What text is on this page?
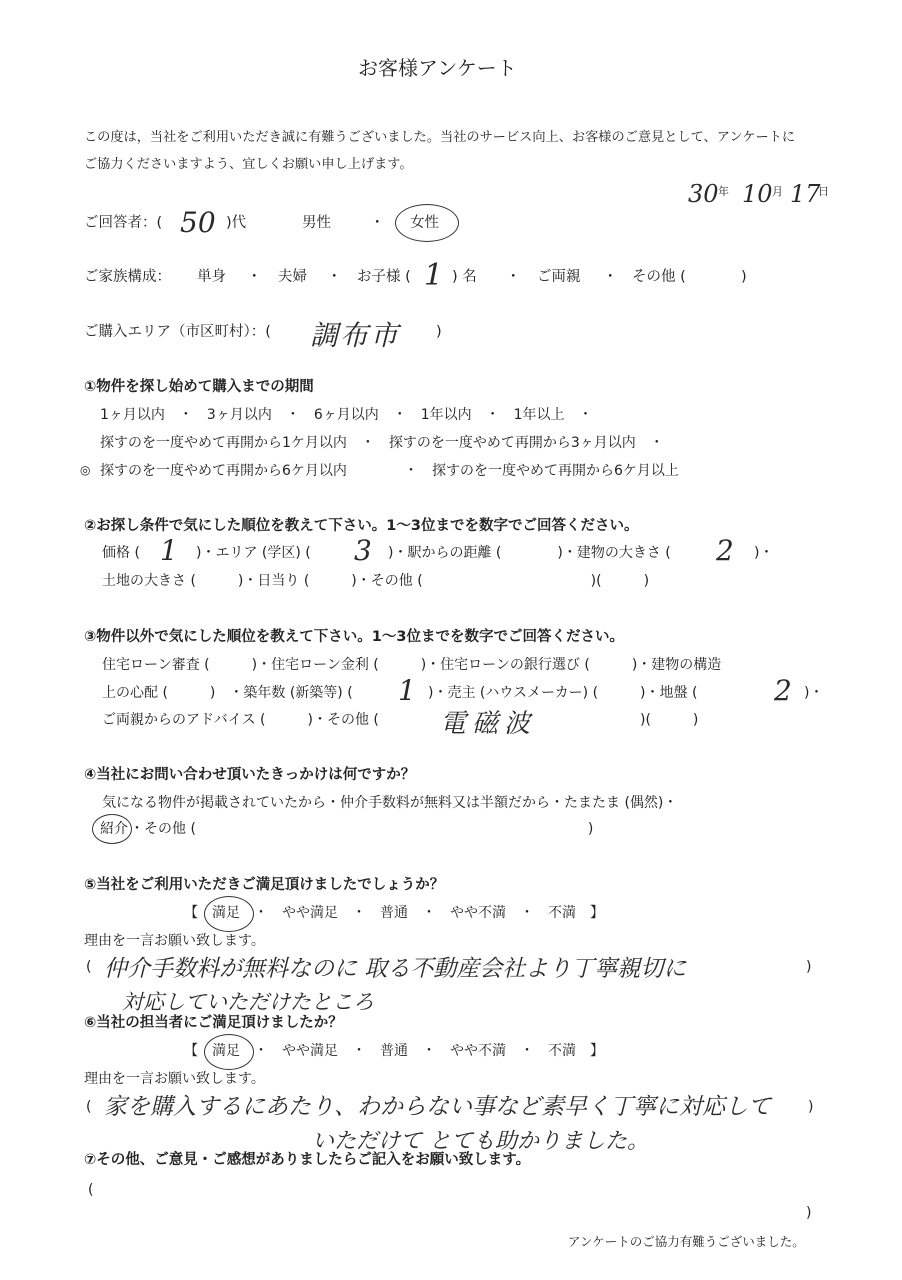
お客様アンケート
この度は，当社をご利用いただき誠に有難うございました。当社のサービス向上、お客様のご意見として、アンケートに
ご協力くださいますよう、宜しくお願い申し上げます。
30 年 10 月 17
日
ご回答者：( 50 )代	男性	・ 女性
ご家族構成： 単身 ・ 夫婦 ・ お子様 ( 1 ) 名 ・ ご両親 ・ その他 (	)
ご購入エリア（市区町村）：( 調布市 )
①物件を探し始めて購入までの期間
1ヶ月以内　・　3ヶ月以内　・　6ヶ月以内　・　1年以内　・　1年以上　・
探すのを一度やめて再開から1ケ月以内　・　探すのを一度やめて再開から3ヶ月以内　・
◎ 探すのを一度やめて再開から6ケ月以内	・　探すのを一度やめて再開から6ケ月以上
②お探し条件で気にした順位を教えて下さい。1～3位までを数字でご回答ください。
価格 ( 1 )・エリア (学区) ( 3 )・駅からの距離 (　　　　)・建物の大きさ ( 2 )・
土地の大きさ (　　　)・日当り (　　　)・その他 (　　　　　　　　　　　　)(　　　)
③物件以外で気にした順位を教えて下さい。1～3位までを数字でご回答ください。
住宅ローン審査 (　　　)・住宅ローン金利 (　　　)・住宅ローンの銀行選び (　　　)・建物の構造
上の心配 (　　　)　・築年数 (新築等) ( 1 )・売主 (ハウスメーカー) (　　　)・地盤 (	2 )・
ご両親からのアドバイス (　　　)・その他 ( 電磁波	)(　　　)
④当社にお問い合わせ頂いたきっかけは何ですか？
気になる物件が掲載されていたから・仲介手数料が無料又は半額だから・たまたま (偶然)・
紹介 ・その他 (　　　　　　　　　　　　　　　　　　　　　　　　　　　　)
⑤当社をご利用いただきご満足頂けましたでしょうか？
【　満足　・　やや満足　・　普通　・　やや不満　・　不満　】
理由を一言お願い致します。
( 仲介手数料が無料なのに 取る不動産会社より丁寧親切に	)
対応していただけたところ
⑥当社の担当者にご満足頂けましたか？
【　満足　・　やや満足　・　普通　・　やや不満　・　不満　】
理由を一言お願い致します。
( 家を購入するにあたり、わからない事など素早く丁寧に対応して	)
いただけて とても助かりました。
⑦その他、ご意見・ご感想がありましたらご記入をお願い致します。
(
)
アンケートのご協力有難うございました。
